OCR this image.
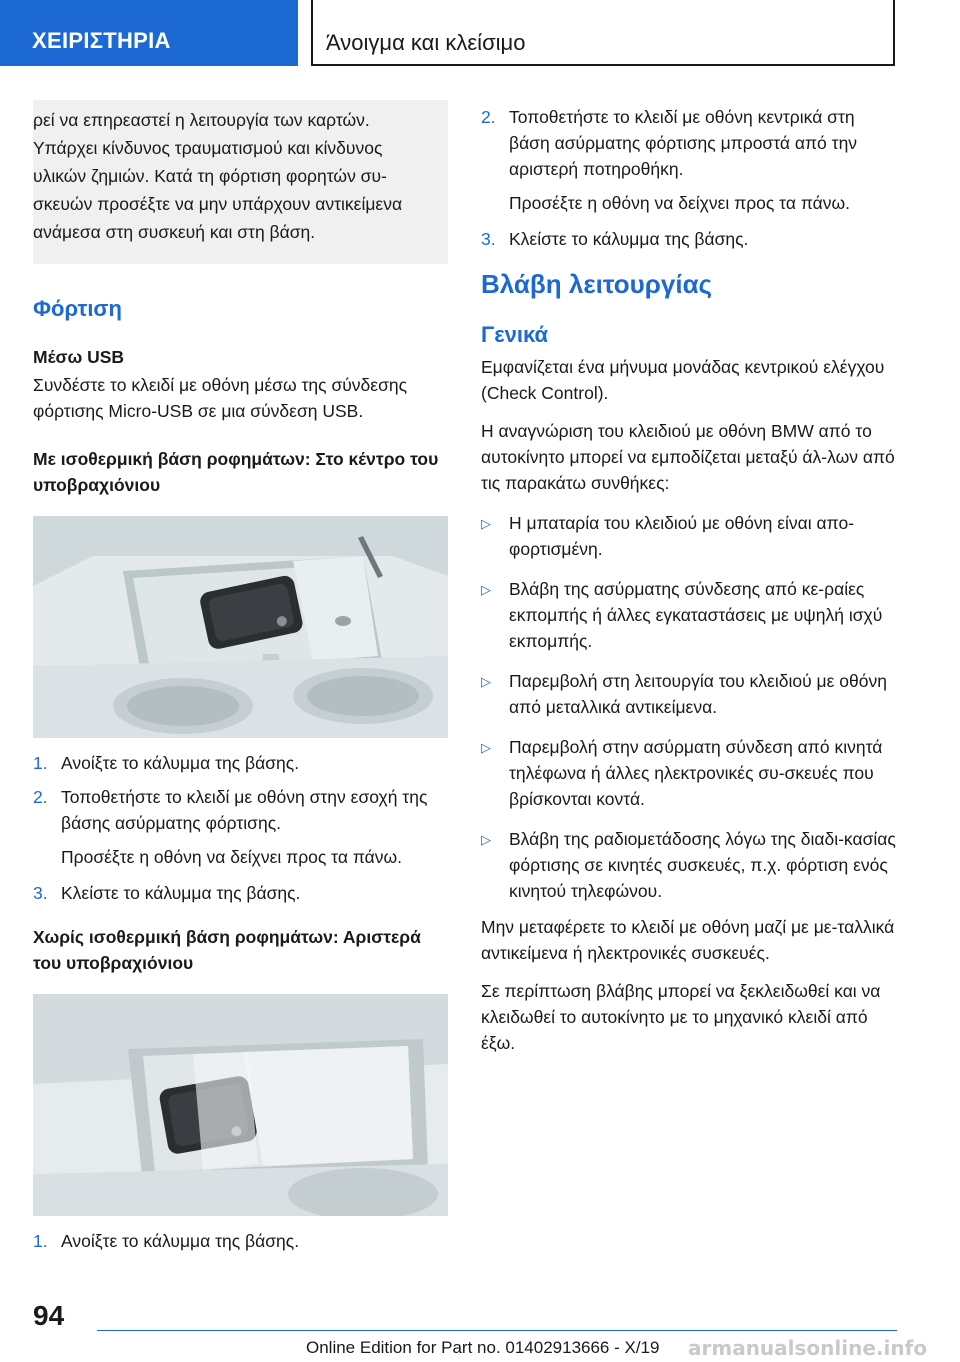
ΧΕΙΡΙΣΤΗΡΙΑ	Άνοιγμα και κλείσιμο

ρεί να επηρεαστεί η λειτουργία των καρτών. Υπάρχει κίνδυνος τραυματισμού και κίνδυνος υλικών ζημιών. Κατά τη φόρτιση φορητών συ-σκευών προσέξτε να μην υπάρχουν αντικείμενα ανάμεσα στη συσκευή και στη βάση.

Φόρτιση
Μέσω USB

Συνδέστε το κλειδί με οθόνη μέσω της σύνδεσης φόρτισης Micro-USB σε μια σύνδεση USB.

Με ισοθερμική βάση ροφημάτων: Στο κέντρο του υποβραχιόνιου
1. Ανοίξτε το κάλυμμα της βάσης.
2. Τοποθετήστε το κλειδί με οθόνη στην εσοχή της βάσης ασύρματης φόρτισης.
Προσέξτε η οθόνη να δείχνει προς τα πάνω.
3. Κλείστε το κάλυμμα της βάσης.
Χωρίς ισοθερμική βάση ροφημάτων: Αριστερά του υποβραχιόνιου
1. Ανοίξτε το κάλυμμα της βάσης.
2. Τοποθετήστε το κλειδί με οθόνη κεντρικά στη βάση ασύρματης φόρτισης μπροστά από την αριστερή ποτηροθήκη.
Προσέξτε η οθόνη να δείχνει προς τα πάνω.
3. Κλείστε το κάλυμμα της βάσης.
Βλάβη λειτουργίας
Γενικά

Εμφανίζεται ένα μήνυμα μονάδας κεντρικού ελέγχου (Check Control).

Η αναγνώριση του κλειδιού με οθόνη BMW από το αυτοκίνητο μπορεί να εμποδίζεται μεταξύ άλ-λων από τις παρακάτω συνθήκες:

▷	Η μπαταρία του κλειδιού με οθόνη είναι απο-φορτισμένη.
▷	Βλάβη της ασύρματης σύνδεσης από κε-ραίες εκπομπής ή άλλες εγκαταστάσεις με υψηλή ισχύ εκπομπής.
▷	Παρεμβολή στη λειτουργία του κλειδιού με οθόνη από μεταλλικά αντικείμενα.
▷	Παρεμβολή στην ασύρματη σύνδεση από κινητά τηλέφωνα ή άλλες ηλεκτρονικές συ-σκευές που βρίσκονται κοντά.
▷	Βλάβη της ραδιομετάδοσης λόγω της διαδι-κασίας φόρτισης σε κινητές συσκευές, π.χ. φόρτιση ενός κινητού τηλεφώνου.

Μην μεταφέρετε το κλειδί με οθόνη μαζί με με-ταλλικά αντικείμενα ή ηλεκτρονικές συσκευές.

Σε περίπτωση βλάβης μπορεί να ξεκλειδωθεί και να κλειδωθεί το αυτοκίνητο με το μηχανικό κλειδί από έξω.

94
Online Edition for Part no. 01402913666 - X/19 armanualsonline.info
